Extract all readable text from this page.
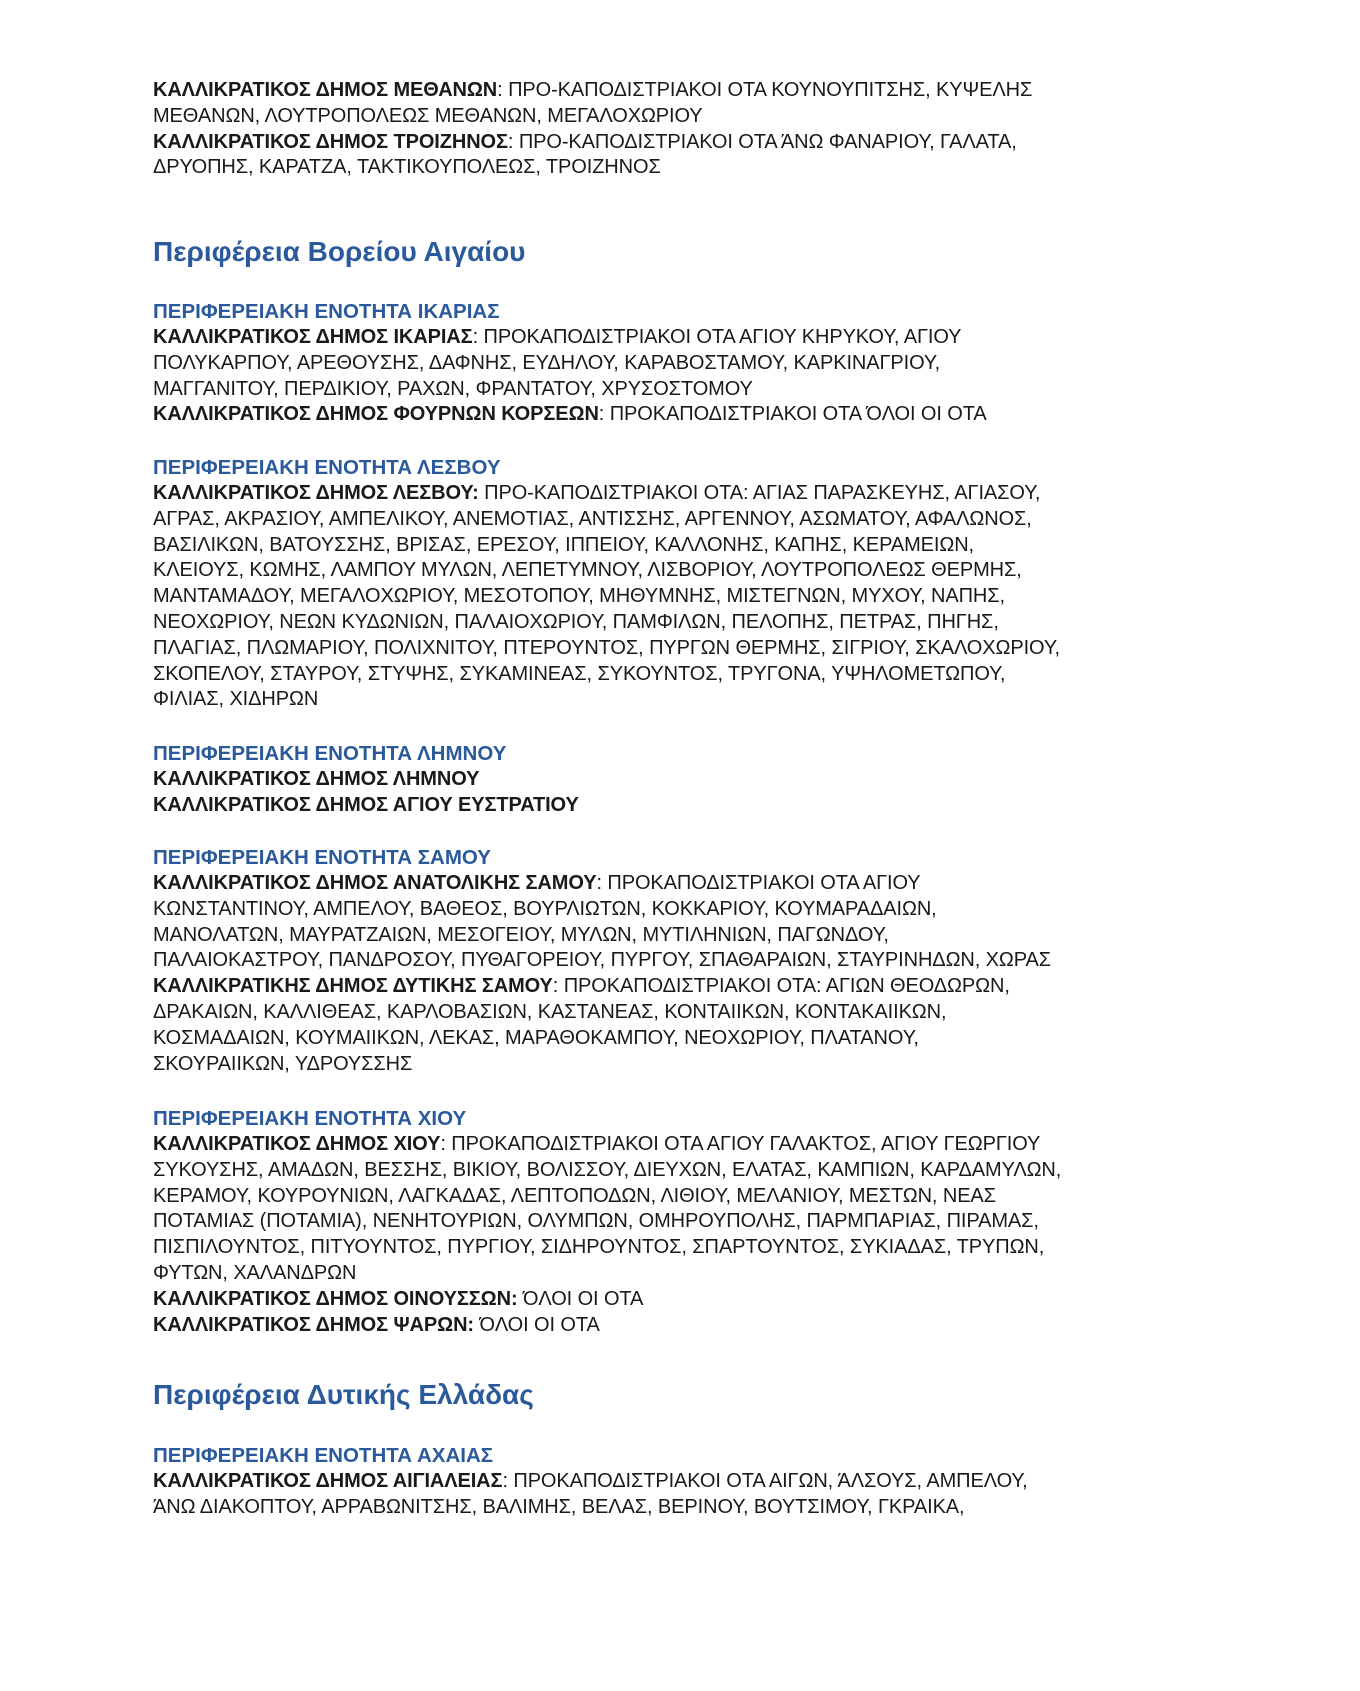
ΚΑΛΛΙΚΡΑΤΙΚΟΣ ΔΗΜΟΣ ΜΕΘΑΝΩΝ: ΠΡΟ-ΚΑΠΟΔΙΣΤΡΙΑΚΟΙ ΟΤΑ ΚΟΥΝΟΥΠΙΤΣΗΣ, ΚΥΨΕΛΗΣ
ΜΕΘΑΝΩΝ, ΛΟΥΤΡΟΠΟΛΕΩΣ ΜΕΘΑΝΩΝ, ΜΕΓΑΛΟΧΩΡΙΟΥ
ΚΑΛΛΙΚΡΑΤΙΚΟΣ ΔΗΜΟΣ ΤΡΟΙΖΗΝΟΣ: ΠΡΟ-ΚΑΠΟΔΙΣΤΡΙΑΚΟΙ ΟΤΑ ΆΝΩ ΦΑΝΑΡΙΟΥ, ΓΑΛΑΤΑ,
ΔΡΥΟΠΗΣ, ΚΑΡΑΤΖΑ, ΤΑΚΤΙΚΟΥΠΟΛΕΩΣ, ΤΡΟΙΖΗΝΟΣ
Περιφέρεια Βορείου Αιγαίου
ΠΕΡΙΦΕΡΕΙΑΚΗ ΕΝΟΤΗΤΑ ΙΚΑΡΙΑΣ
ΚΑΛΛΙΚΡΑΤΙΚΟΣ ΔΗΜΟΣ ΙΚΑΡΙΑΣ: ΠΡΟΚΑΠΟΔΙΣΤΡΙΑΚΟΙ ΟΤΑ ΑΓΙΟΥ ΚΗΡΥΚΟΥ, ΑΓΙΟΥ
ΠΟΛΥΚΑΡΠΟΥ, ΑΡΕΘΟΥΣΗΣ, ΔΑΦΝΗΣ, ΕΥΔΗΛΟΥ, ΚΑΡΑΒΟΣΤΑΜΟΥ, ΚΑΡΚΙΝΑΓΡΙΟΥ,
ΜΑΓΓΑΝΙΤΟΥ, ΠΕΡΔΙΚΙΟΥ, ΡΑΧΩΝ, ΦΡΑΝΤΑΤΟΥ, ΧΡΥΣΟΣΤΟΜΟΥ
ΚΑΛΛΙΚΡΑΤΙΚΟΣ ΔΗΜΟΣ ΦΟΥΡΝΩΝ ΚΟΡΣΕΩΝ: ΠΡΟΚΑΠΟΔΙΣΤΡΙΑΚΟΙ ΟΤΑ ΌΛΟΙ ΟΙ ΟΤΑ
ΠΕΡΙΦΕΡΕΙΑΚΗ ΕΝΟΤΗΤΑ ΛΕΣΒΟΥ
ΚΑΛΛΙΚΡΑΤΙΚΟΣ ΔΗΜΟΣ ΛΕΣΒΟΥ: ΠΡΟ-ΚΑΠΟΔΙΣΤΡΙΑΚΟΙ ΟΤΑ: ΑΓΙΑΣ ΠΑΡΑΣΚΕΥΗΣ, ΑΓΙΑΣΟΥ,
ΑΓΡΑΣ, ΑΚΡΑΣΙΟΥ, ΑΜΠΕΛΙΚΟΥ, ΑΝΕΜΟΤΙΑΣ, ΑΝΤΙΣΣΗΣ, ΑΡΓΕΝΝΟΥ, ΑΣΩΜΑΤΟΥ, ΑΦΑΛΩΝΟΣ,
ΒΑΣΙΛΙΚΩΝ, ΒΑΤΟΥΣΣΗΣ, ΒΡΙΣΑΣ, ΕΡΕΣΟΥ, ΙΠΠΕΙΟΥ, ΚΑΛΛΟΝΗΣ, ΚΑΠΗΣ, ΚΕΡΑΜΕΙΩΝ,
ΚΛΕΙΟΥΣ, ΚΩΜΗΣ, ΛΑΜΠΟΥ ΜΥΛΩΝ, ΛΕΠΕΤΥΜΝΟΥ, ΛΙΣΒΟΡΙΟΥ, ΛΟΥΤΡΟΠΟΛΕΩΣ ΘΕΡΜΗΣ,
ΜΑΝΤΑΜΑΔΟΥ, ΜΕΓΑΛΟΧΩΡΙΟΥ, ΜΕΣΟΤΟΠΟΥ, ΜΗΘΥΜΝΗΣ, ΜΙΣΤΕΓΝΩΝ, ΜΥΧΟΥ, ΝΑΠΗΣ,
ΝΕΟΧΩΡΙΟΥ, ΝΕΩΝ ΚΥΔΩΝΙΩΝ, ΠΑΛΑΙΟΧΩΡΙΟΥ, ΠΑΜΦΙΛΩΝ, ΠΕΛΟΠΗΣ, ΠΕΤΡΑΣ, ΠΗΓΗΣ,
ΠΛΑΓΙΑΣ, ΠΛΩΜΑΡΙΟΥ, ΠΟΛΙΧΝΙΤΟΥ, ΠΤΕΡΟΥΝΤΟΣ, ΠΥΡΓΩΝ ΘΕΡΜΗΣ, ΣΙΓΡΙΟΥ, ΣΚΑΛΟΧΩΡΙΟΥ,
ΣΚΟΠΕΛΟΥ, ΣΤΑΥΡΟΥ, ΣΤΥΨΗΣ, ΣΥΚΑΜΙΝΕΑΣ, ΣΥΚΟΥΝΤΟΣ, ΤΡΥΓΟΝΑ, ΥΨΗΛΟΜΕΤΩΠΟΥ,
ΦΙΛΙΑΣ, ΧΙΔΗΡΩΝ
ΠΕΡΙΦΕΡΕΙΑΚΗ ΕΝΟΤΗΤΑ ΛΗΜΝΟΥ
ΚΑΛΛΙΚΡΑΤΙΚΟΣ ΔΗΜΟΣ ΛΗΜΝΟΥ
ΚΑΛΛΙΚΡΑΤΙΚΟΣ ΔΗΜΟΣ ΑΓΙΟΥ ΕΥΣΤΡΑΤΙΟΥ
ΠΕΡΙΦΕΡΕΙΑΚΗ ΕΝΟΤΗΤΑ ΣΑΜΟΥ
ΚΑΛΛΙΚΡΑΤΙΚΟΣ ΔΗΜΟΣ ΑΝΑΤΟΛΙΚΗΣ ΣΑΜΟΥ: ΠΡΟΚΑΠΟΔΙΣΤΡΙΑΚΟΙ ΟΤΑ ΑΓΙΟΥ
ΚΩΝΣΤΑΝΤΙΝΟΥ, ΑΜΠΕΛΟΥ, ΒΑΘΕΟΣ, ΒΟΥΡΛΙΩΤΩΝ, ΚΟΚΚΑΡΙΟΥ, ΚΟΥΜΑΡΑΔΑΙΩΝ,
ΜΑΝΟΛΑΤΩΝ, ΜΑΥΡΑΤΖΑΙΩΝ, ΜΕΣΟΓΕΙΟΥ, ΜΥΛΩΝ, ΜΥΤΙΛΗΝΙΩΝ, ΠΑΓΩΝΔΟΥ,
ΠΑΛΑΙΟΚΑΣΤΡΟΥ, ΠΑΝΔΡΟΣΟΥ, ΠΥΘΑΓΟΡΕΙΟΥ, ΠΥΡΓΟΥ, ΣΠΑΘΑΡΑΙΩΝ, ΣΤΑΥΡΙΝΗΔΩΝ, ΧΩΡΑΣ
ΚΑΛΛΙΚΡΑΤΙΚΗΣ ΔΗΜΟΣ ΔΥΤΙΚΗΣ ΣΑΜΟΥ: ΠΡΟΚΑΠΟΔΙΣΤΡΙΑΚΟΙ ΟΤΑ: ΑΓΙΩΝ ΘΕΟΔΩΡΩΝ,
ΔΡΑΚΑΙΩΝ, ΚΑΛΛΙΘΕΑΣ, ΚΑΡΛΟΒΑΣΙΩΝ, ΚΑΣΤΑΝΕΑΣ, ΚΟΝΤΑΙΙΚΩΝ, ΚΟΝΤΑΚΑΙΙΚΩΝ,
ΚΟΣΜΑΔΑΙΩΝ, ΚΟΥΜΑΙΙΚΩΝ, ΛΕΚΑΣ, ΜΑΡΑΘΟΚΑΜΠΟΥ, ΝΕΟΧΩΡΙΟΥ, ΠΛΑΤΑΝΟΥ,
ΣΚΟΥΡΑΙΙΚΩΝ, ΥΔΡΟΥΣΣΗΣ
ΠΕΡΙΦΕΡΕΙΑΚΗ ΕΝΟΤΗΤΑ ΧΙΟΥ
ΚΑΛΛΙΚΡΑΤΙΚΟΣ ΔΗΜΟΣ ΧΙΟΥ: ΠΡΟΚΑΠΟΔΙΣΤΡΙΑΚΟΙ ΟΤΑ ΑΓΙΟΥ ΓΑΛΑΚΤΟΣ, ΑΓΙΟΥ ΓΕΩΡΓΙΟΥ
ΣΥΚΟΥΣΗΣ, ΑΜΑΔΩΝ, ΒΕΣΣΗΣ, ΒΙΚΙΟΥ, ΒΟΛΙΣΣΟΥ, ΔΙΕΥΧΩΝ, ΕΛΑΤΑΣ, ΚΑΜΠΙΩΝ, ΚΑΡΔΑΜΥΛΩΝ,
ΚΕΡΑΜΟΥ, ΚΟΥΡΟΥΝΙΩΝ, ΛΑΓΚΑΔΑΣ, ΛΕΠΤΟΠΟΔΩΝ, ΛΙΘΙΟΥ, ΜΕΛΑΝΙΟΥ, ΜΕΣΤΩΝ, ΝΕΑΣ
ΠΟΤΑΜΙΑΣ (ΠΟΤΑΜΙΑ), ΝΕΝΗΤΟΥΡΙΩΝ, ΟΛΥΜΠΩΝ, ΟΜΗΡΟΥΠΟΛΗΣ, ΠΑΡΜΠΑΡΙΑΣ, ΠΙΡΑΜΑΣ,
ΠΙΣΠΙΛΟΥΝΤΟΣ, ΠΙΤΥΟΥΝΤΟΣ, ΠΥΡΓΙΟΥ, ΣΙΔΗΡΟΥΝΤΟΣ, ΣΠΑΡΤΟΥΝΤΟΣ, ΣΥΚΙΑΔΑΣ, ΤΡΥΠΩΝ,
ΦΥΤΩΝ, ΧΑΛΑΝΔΡΩΝ
ΚΑΛΛΙΚΡΑΤΙΚΟΣ ΔΗΜΟΣ ΟΙΝΟΥΣΣΩΝ: ΌΛΟΙ ΟΙ ΟΤΑ
ΚΑΛΛΙΚΡΑΤΙΚΟΣ ΔΗΜΟΣ ΨΑΡΩΝ: ΌΛΟΙ ΟΙ ΟΤΑ
Περιφέρεια Δυτικής Ελλάδας
ΠΕΡΙΦΕΡΕΙΑΚΗ ΕΝΟΤΗΤΑ ΑΧΑΙΑΣ
ΚΑΛΛΙΚΡΑΤΙΚΟΣ ΔΗΜΟΣ ΑΙΓΙΑΛΕΙΑΣ: ΠΡΟΚΑΠΟΔΙΣΤΡΙΑΚΟΙ ΟΤΑ ΑΙΓΩΝ, ΆΛΣΟΥΣ, ΑΜΠΕΛΟΥ,
ΆΝΩ ΔΙΑΚΟΠΤΟΥ, ΑΡΡΑΒΩΝΙΤΣΗΣ, ΒΑΛΙΜΗΣ, ΒΕΛΑΣ, ΒΕΡΙΝΟΥ, ΒΟΥΤΣΙΜΟΥ, ΓΚΡΑΙΚΑ,
